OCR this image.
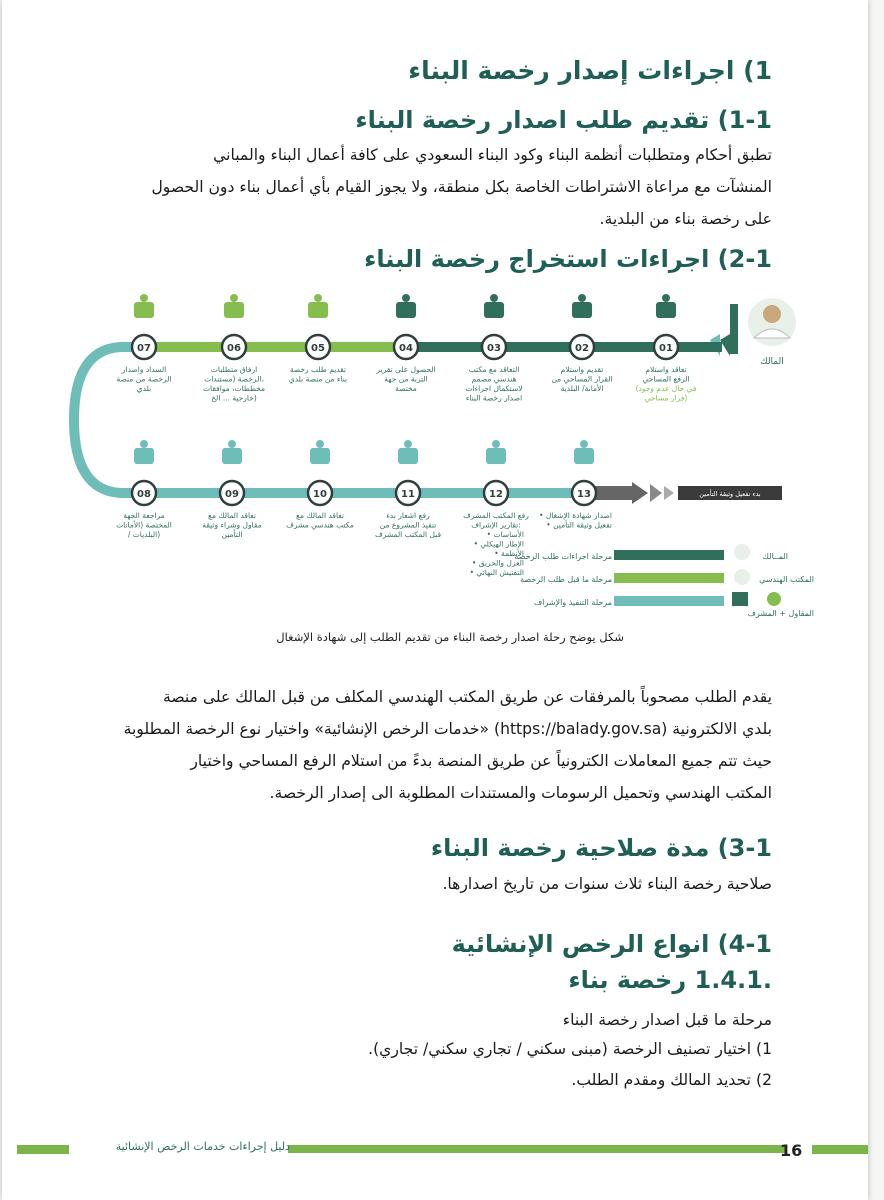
1) اجراءات إصدار رخصة البناء
1-1) تقديم طلب اصدار رخصة البناء
تطبق أحكام ومتطلبات أنظمة البناء وكود البناء السعودي على كافة أعمال البناء والمباني
المنشآت مع مراعاة الاشتراطات الخاصة بكل منطقة، ولا يجوز القيام بأي أعمال بناء دون الحصول
على رخصة بناء من البلدية.
2-1) اجراءات استخراج رخصة البناء
المالك
بدء تفعيل وثيقة التأمين
01
تعاقد واستلام
الرفع المساحي
(في حال عدم وجود
قرار مساحي)
02
تقديم واستلام
القرار المساحي من
الأمانة/ البلدية
03
التعاقد مع مكتب
هندسي مصمم
لاستكمال اجراءات
اصدار رخصة البناء
04
الحصول على تقرير
التربة من جهة
مختصة
05
تقديم طلب رخصة
بناء من منصة بلدي
06
ارفاق متطلبات
الرخصة (مستندات،
مخططات، موافقات
خارجية ... الخ)
07
السداد واصدار
الرخصة من منصة
بلدي
08
مراجعة الجهة
المختصة (الأمانات
/ البلديات)
09
تعاقد المالك مع
مقاول وشراء وثيقة
التأمين
10
تعاقد المالك مع
مكتب هندسي مشرف
11
رفع اشعار بدء
تنفيذ المشروع من
قبل المكتب المشرف
12
رفع المكتب المشرف
تقارير الإشراف:
• الأساسات
• الإطار الهيكلي
• الأنظمة
• العزل والحريق
• التفتيش النهائي
13
• اصدار شهادة الإشغال
• تفعيل وثيقة التأمين
مرحلة اجراءات طلب الرخصة	المــالك
مرحلة ما قبل طلب الرخصة	المكتب الهندسي
مرحلة التنفيذ والإشراف
المقاول + المشرف
شكل يوضح رحلة اصدار رخصة البناء من تقديم الطلب إلى شهادة الإشغال
يقدم الطلب مصحوباً بالمرفقات عن طريق المكتب الهندسي المكلف من قبل المالك على منصة
بلدي الالكترونية (https://balady.gov.sa) «خدمات الرخص الإنشائية» واختيار نوع الرخصة المطلوبة
حيث تتم جميع المعاملات الكترونياً عن طريق المنصة بدءً من استلام الرفع المساحي واختيار
المكتب الهندسي وتحميل الرسومات والمستندات المطلوبة الى إصدار الرخصة.
3-1) مدة صلاحية رخصة البناء
صلاحية رخصة البناء ثلاث سنوات من تاريخ اصدارها.
4-1) انواع الرخص الإنشائية
.1.4.1 رخصة بناء
مرحلة ما قبل اصدار رخصة البناء
1) اختيار تصنيف الرخصة (مبنى سكني / تجاري سكني/ تجاري).
2) تحديد المالك ومقدم الطلب.
16
دليل إجراءات خدمات الرخص الإنشائية
